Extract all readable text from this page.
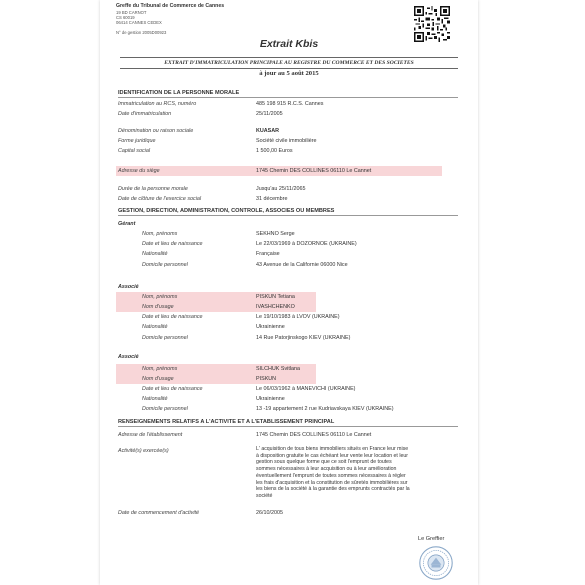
Greffe du Tribunal de Commerce de Cannes
19 BD CARNOT
CS 60019
06414 CANNES CEDEX
N° de gestion 2005D00923
Extrait Kbis
EXTRAIT D'IMMATRICULATION PRINCIPALE AU REGISTRE DU COMMERCE ET DES SOCIETES
à jour au 5 août 2015
IDENTIFICATION DE LA PERSONNE MORALE
Immatriculation au RCS, numéro	485 198 915 R.C.S. Cannes
Date d'immatriculation	25/11/2005
Dénomination ou raison sociale	KUASAR
Forme juridique	Société civile immobilière
Capital social	1 500,00 Euros
Adresse du siège	1745 Chemin DES COLLINES 06110 Le Cannet
Durée de la personne morale	Jusqu'au 25/11/2065
Date de clôture de l'exercice social	31 décembre
GESTION, DIRECTION, ADMINISTRATION, CONTROLE, ASSOCIES OU MEMBRES
Gérant
Nom, prénoms	SEKHNO Serge
Date et lieu de naissance	Le 22/03/1969 à DOZORNOE (UKRAINE)
Nationalité	Française
Domicile personnel	43 Avenue de la Californie 06000 Nice
Associé
Nom, prénoms	PISKUN Tetiana
Nom d'usage	IVASHCHENKO
Date et lieu de naissance	Le 19/10/1983 à LVOV (UKRAINE)
Nationalité	Ukrainienne
Domicile personnel	14 Rue Patorjinskogo KIEV (UKRAINE)
Associé
Nom, prénoms	SILCHUK Svitlana
Nom d'usage	PISKUN
Date et lieu de naissance	Le 06/03/1962 à MANEVICHI (UKRAINE)
Nationalité	Ukrainienne
Domicile personnel	13 -19 appartement 2 rue Kudriavskaya KIEV (UKRAINE)
RENSEIGNEMENTS RELATIFS A L'ACTIVITE ET A L'ETABLISSEMENT PRINCIPAL
Adresse de l'établissement	1745 Chemin DES COLLINES 06110 Le Cannet
Activité(s) exercée(s)	L' acquisition de tous biens immobiliers situés en France leur mise
à disposition gratuite le cas échéant leur vente leur location et leur
gestion sous quelque forme que ce soit l'emprunt de toutes
sommes nécessaires à leur acquisition ou à leur amélioration
éventuellement l'emprunt de toutes sommes nécessaires à régler
les frais d'acquisition et la constitution de sûretés immobilières sur
les biens de la société à la garantie des emprunts contractés par la
société
Date de commencement d'activité	26/10/2005
Le Greffier
